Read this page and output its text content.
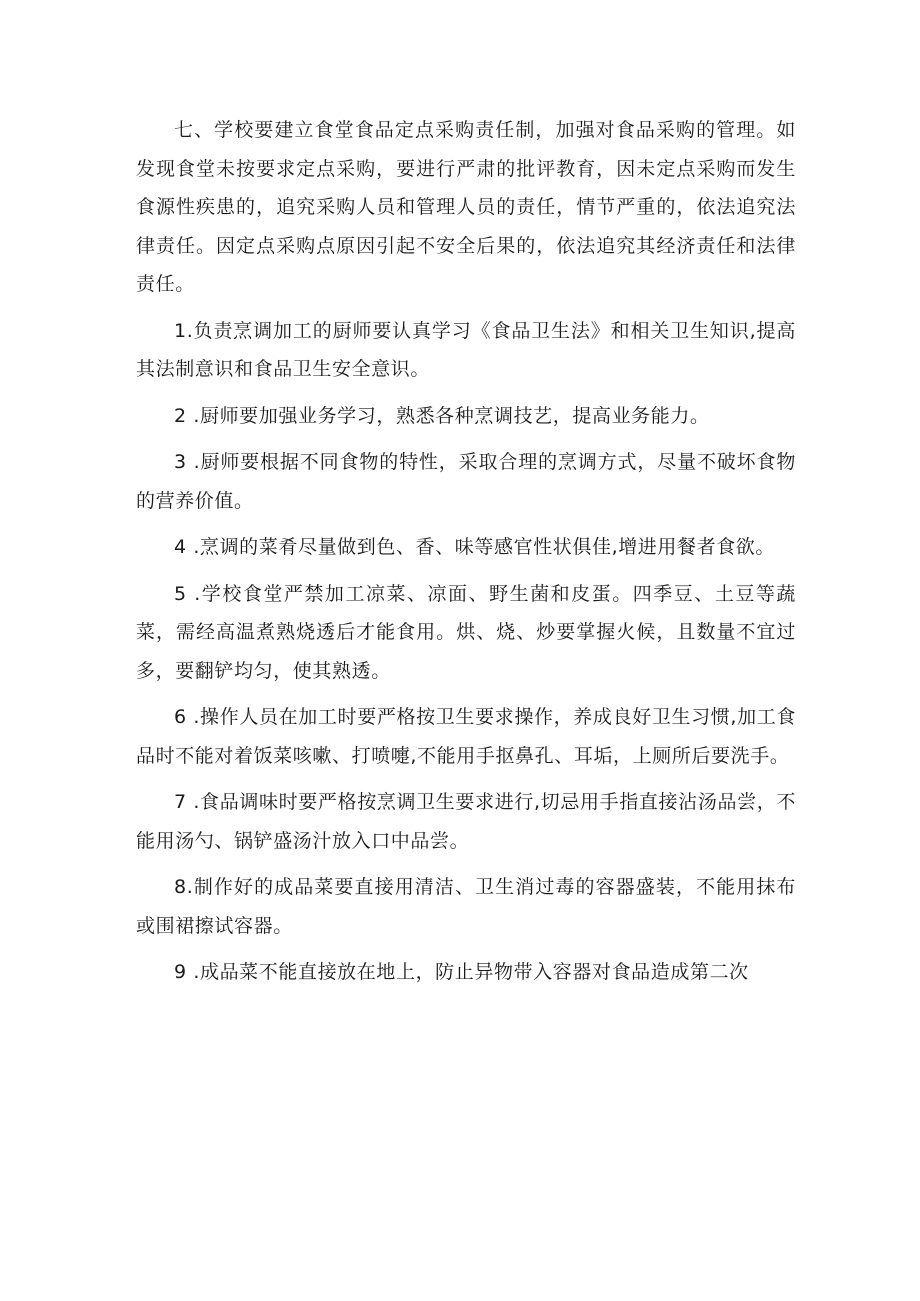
七、学校要建立食堂食品定点采购责任制，加强对食品采购的管理。如发现食堂未按要求定点采购，要进行严肃的批评教育，因未定点采购而发生食源性疾患的，追究采购人员和管理人员的责任，情节严重的，依法追究法律责任。因定点采购点原因引起不安全后果的，依法追究其经济责任和法律责任。

1.负责烹调加工的厨师要认真学习《食品卫生法》和相关卫生知识,提高其法制意识和食品卫生安全意识。

2 .厨师要加强业务学习，熟悉各种烹调技艺，提高业务能力。

3 .厨师要根据不同食物的特性，采取合理的烹调方式，尽量不破坏食物的营养价值。

4 .烹调的菜肴尽量做到色、香、味等感官性状俱佳,增进用餐者食欲。

5 .学校食堂严禁加工凉菜、凉面、野生菌和皮蛋。四季豆、土豆等蔬菜，需经高温煮熟烧透后才能食用。烘、烧、炒要掌握火候，且数量不宜过多，要翻铲均匀，使其熟透。

6 .操作人员在加工时要严格按卫生要求操作，养成良好卫生习惯,加工食品时不能对着饭菜咳嗽、打喷嚏,不能用手抠鼻孔、耳垢，上厕所后要洗手。

7 .食品调味时要严格按烹调卫生要求进行,切忌用手指直接沾汤品尝，不能用汤勺、锅铲盛汤汁放入口中品尝。

8.制作好的成品菜要直接用清洁、卫生消过毒的容器盛装，不能用抹布或围裙擦试容器。

9 .成品菜不能直接放在地上，防止异物带入容器对食品造成第二次
